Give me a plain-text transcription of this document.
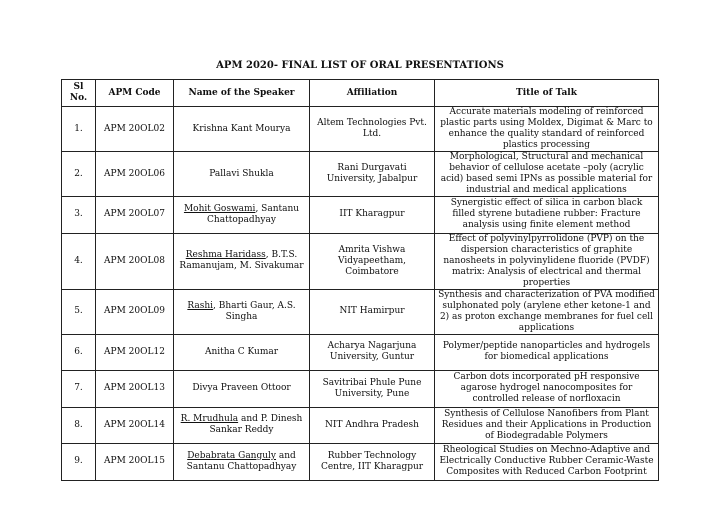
APM 2020- FINAL LIST OF ORAL PRESENTATIONS
Sl No.	APM Code	Name of the Speaker	Affiliation	Title of Talk
1.	APM 20OL02	Krishna Kant Mourya	Altem Technologies Pvt. Ltd.	Accurate materials modeling of reinforced plastic parts using Moldex, Digimat & Marc to enhance the quality standard of reinforced plastics processing
2.	APM 20OL06	Pallavi Shukla	Rani Durgavati University, Jabalpur	Morphological, Structural and mechanical behavior of cellulose acetate –poly (acrylic acid) based semi IPNs as possible material for industrial and medical applications
3.	APM 20OL07	Mohit Goswami, Santanu Chattopadhyay	IIT Kharagpur	Synergistic effect of silica in carbon black filled styrene butadiene rubber: Fracture analysis using finite element method
4.	APM 20OL08	Reshma Haridass, B.T.S. Ramanujam, M. Sivakumar	Amrita Vishwa Vidyapeetham, Coimbatore	Effect of polyvinylpyrrolidone (PVP) on the dispersion characteristics of graphite nanosheets in polyvinylidene fluoride (PVDF) matrix: Analysis of electrical and thermal properties
5.	APM 20OL09	Rashi, Bharti Gaur, A.S. Singha	NIT Hamirpur	Synthesis and characterization of PVA modified sulphonated poly (arylene ether ketone-1 and 2) as proton exchange membranes for fuel cell applications
6.	APM 20OL12	Anitha C Kumar	Acharya Nagarjuna University, Guntur	Polymer/peptide nanoparticles and hydrogels for biomedical applications
7.	APM 20OL13	Divya Praveen Ottoor	Savitribai Phule Pune University, Pune	Carbon dots incorporated pH responsive agarose hydrogel nanocomposites for controlled release of norfloxacin
8.	APM 20OL14	R. Mrudhula and P. Dinesh Sankar Reddy	NIT Andhra Pradesh	Synthesis of Cellulose Nanofibers from Plant Residues and their Applications in Production of Biodegradable Polymers
9.	APM 20OL15	Debabrata Ganguly and Santanu Chattopadhyay	Rubber Technology Centre, IIT Kharagpur	Rheological Studies on Mechno-Adaptive and Electrically Conductive Rubber Ceramic-Waste Composites with Reduced Carbon Footprint
